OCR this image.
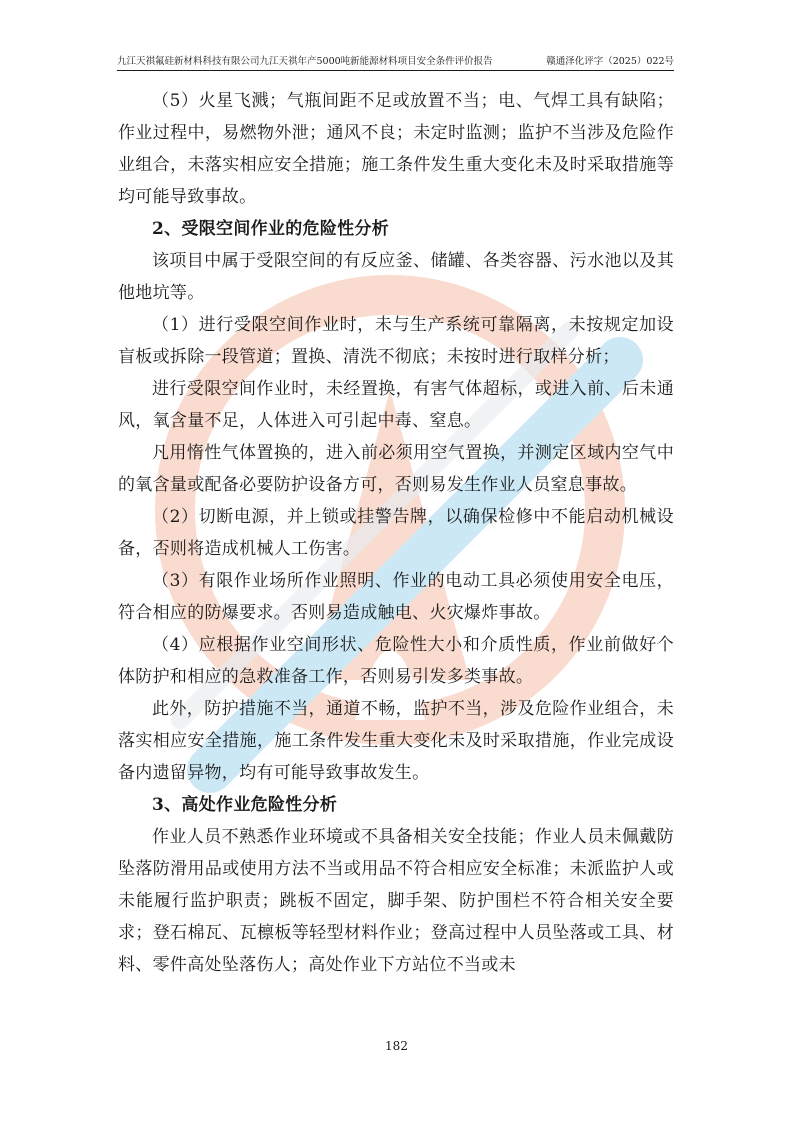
九江天祺氟硅新材料科技有限公司九江天祺年产5000吨新能源材料项目安全条件评价报告	赣通泽化评字（2025）022号

（5）火星飞溅；气瓶间距不足或放置不当；电、气焊工具有缺陷；作业过程中，易燃物外泄；通风不良；未定时监测；监护不当涉及危险作业组合，未落实相应安全措施；施工条件发生重大变化未及时采取措施等均可能导致事故。

2、受限空间作业的危险性分析

该项目中属于受限空间的有反应釜、储罐、各类容器、污水池以及其他地坑等。

（1）进行受限空间作业时，未与生产系统可靠隔离，未按规定加设盲板或拆除一段管道；置换、清洗不彻底；未按时进行取样分析；

进行受限空间作业时，未经置换，有害气体超标，或进入前、后未通风，氧含量不足，人体进入可引起中毒、窒息。

凡用惰性气体置换的，进入前必须用空气置换，并测定区域内空气中的氧含量或配备必要防护设备方可，否则易发生作业人员窒息事故。

（2）切断电源，并上锁或挂警告牌，以确保检修中不能启动机械设备，否则将造成机械人工伤害。

（3）有限作业场所作业照明、作业的电动工具必须使用安全电压，符合相应的防爆要求。否则易造成触电、火灾爆炸事故。

（4）应根据作业空间形状、危险性大小和介质性质，作业前做好个体防护和相应的急救准备工作，否则易引发多类事故。

此外，防护措施不当，通道不畅，监护不当，涉及危险作业组合，未落实相应安全措施，施工条件发生重大变化未及时采取措施，作业完成设备内遗留异物，均有可能导致事故发生。

3、高处作业危险性分析

作业人员不熟悉作业环境或不具备相关安全技能；作业人员未佩戴防坠落防滑用品或使用方法不当或用品不符合相应安全标准；未派监护人或未能履行监护职责；跳板不固定，脚手架、防护围栏不符合相关安全要求；登石棉瓦、瓦檩板等轻型材料作业；登高过程中人员坠落或工具、材料、零件高处坠落伤人；高处作业下方站位不当或未

182
